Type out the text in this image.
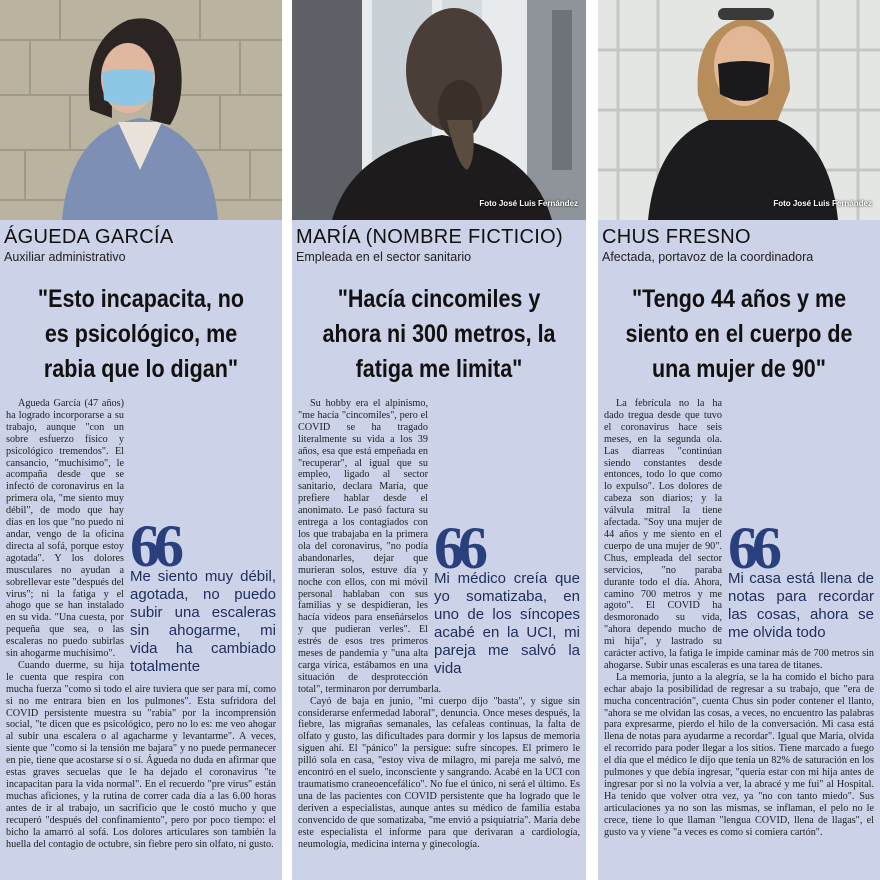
ÁGUEDA GARCÍA
Auxiliar administrativo
"Esto incapacita, no es psicológico, me rabia que lo digan"
66
Me siento muy débil, agotada, no puedo subir una escaleras sin ahogarme, mi vida ha cambiado totalmente

Águeda García (47 años) ha logrado incorporarse a su trabajo, aunque "con un sobre esfuerzo físico y psicológico tremendos". El cansancio, "muchísimo", le acompaña desde que se infectó de coronavirus en la primera ola, "me siento muy débil", de modo que hay días en los que "no puedo ni andar, vengo de la oficina directa al sofá, porque estoy agotada". Y los dolores musculares no ayudan a sobrellevar este "después del virus"; ni la fatiga y el ahogo que se han instalado en su vida. "Una cuesta, por pequeña que sea, o las escaleras no puedo subirlas sin ahogarme muchísimo".

Cuando duerme, su hija le cuenta que respira con mucha fuerza "como si todo el aire tuviera que ser para mí, como si no me entrara bien en los pulmones". Esta sufridora del COVID persistente muestra su "rabia" por la incomprensión social, "te dicen que es psicológico, pero no lo es: me veo ahogar al subir una escalera o al agacharme y levantarme". A veces, siente que "como si la tensión me bajara" y no puede permanecer en pie, tiene que acostarse sí o sí. Águeda no duda en afirmar que estas graves secuelas que le ha dejado el coronavirus "te incapacitan para la vida normal". En el recuerdo "pre virus" están muchas aficiones, y la rutina de correr cada día a las 6.00 horas antes de ir al trabajo, un sacrificio que le costó mucho y que recuperó "después del confinamiento", pero por poco tiempo: el bicho la amarró al sofá. Los dolores articulares son también la huella del contagio de octubre, sin fiebre pero sin olfato, ni gusto.

Foto José Luis Fernández
MARÍA (NOMBRE FICTICIO)
Empleada en el sector sanitario
"Hacía cincomiles y ahora ni 300 metros, la fatiga me limita"
66
Mi médico creía que yo somatizaba, en uno de los síncopes acabé en la UCI, mi pareja me salvó la vida

Su hobby era el alpinismo, "me hacía "cincomiles", pero el COVID se ha tragado literalmente su vida a los 39 años, esa que está empeñada en "recuperar", al igual que su empleo, ligado al sector sanitario, declara María, que prefiere hablar desde el anonimato. Le pasó factura su entrega a los contagiados con los que trabajaba en la primera ola del coronavirus, "no podía abandonarles, dejar que murieran solos, estuve día y noche con ellos, con mi móvil personal hablaban con sus familias y se despidieran, les hacía vídeos para enseñárselos y que pudieran verles". El estrés de esos tres primeros meses de pandemia y "una alta carga vírica, estábamos en una situación de desprotección total", terminaron por derrumbarla.

Cayó de baja en junio, "mi cuerpo dijo "basta", y sigue sin considerarse enfermedad laboral", denuncia. Once meses después, la fiebre, las migrañas semanales, las cefaleas continuas, la falta de olfato y gusto, las dificultades para dormir y los lapsus de memoria siguen ahí. El "pánico" la persigue: sufre síncopes. El primero le pilló sola en casa, "estoy viva de milagro, mi pareja me salvó, me encontró en el suelo, inconsciente y sangrando. Acabé en la UCI con traumatismo craneoencefálico". No fue el único, ni será el último. Es una de las pacientes con COVID persistente que ha logrado que le deriven a especialistas, aunque antes su médico de familia estaba convencido de que somatizaba, "me envió a psiquiatría". María debe este especialista el informe para que derivaran a cardiología, neumología, medicina interna y ginecología.

Foto José Luis Fernández
CHUS FRESNO
Afectada, portavoz de la coordinadora
"Tengo 44 años y me siento en el cuerpo de una mujer de 90"
66
Mi casa está llena de notas para recordar las cosas, ahora se me olvida todo

La febrícula no la ha dado tregua desde que tuvo el coronavirus hace seis meses, en la segunda ola. Las diarreas "continúan siendo constantes desde entonces, todo lo que como lo expulso". Los dolores de cabeza son diarios; y la válvula mitral la tiene afectada. "Soy una mujer de 44 años y me siento en el cuerpo de una mujer de 90". Chus, empleada del sector servicios, "no paraba durante todo el día. Ahora, camino 700 metros y me agoto". El COVID ha desmoronado su vida, "ahora dependo mucho de mi hija", y lastrado su carácter activo, la fatiga le impide caminar más de 700 metros sin ahogarse. Subir unas escaleras es una tarea de titanes.

La memoria, junto a la alegría, se la ha comido el bicho para echar abajo la posibilidad de regresar a su trabajo, que "era de mucha concentración", cuenta Chus sin poder contener el llanto, "ahora se me olvidan las cosas, a veces, no encuentro las palabras para expresarme, pierdo el hilo de la conversación. Mi casa está llena de notas para ayudarme a recordar". Igual que María, olvida el recorrido para poder llegar a los sitios. Tiene marcado a fuego el día que el médico le dijo que tenía un 82% de saturación en los pulmones y que debía ingresar, "quería estar con mi hija antes de ingresar por si no la volvía a ver, la abracé y me fui" al Hospital. Ha tenido que volver otra vez, ya "no con tanto miedo". Sus articulaciones ya no son las mismas, se inflaman, el pelo no le crece, tiene lo que llaman "lengua COVID, llena de llagas", el gusto va y viene "a veces es como si comiera cartón".
